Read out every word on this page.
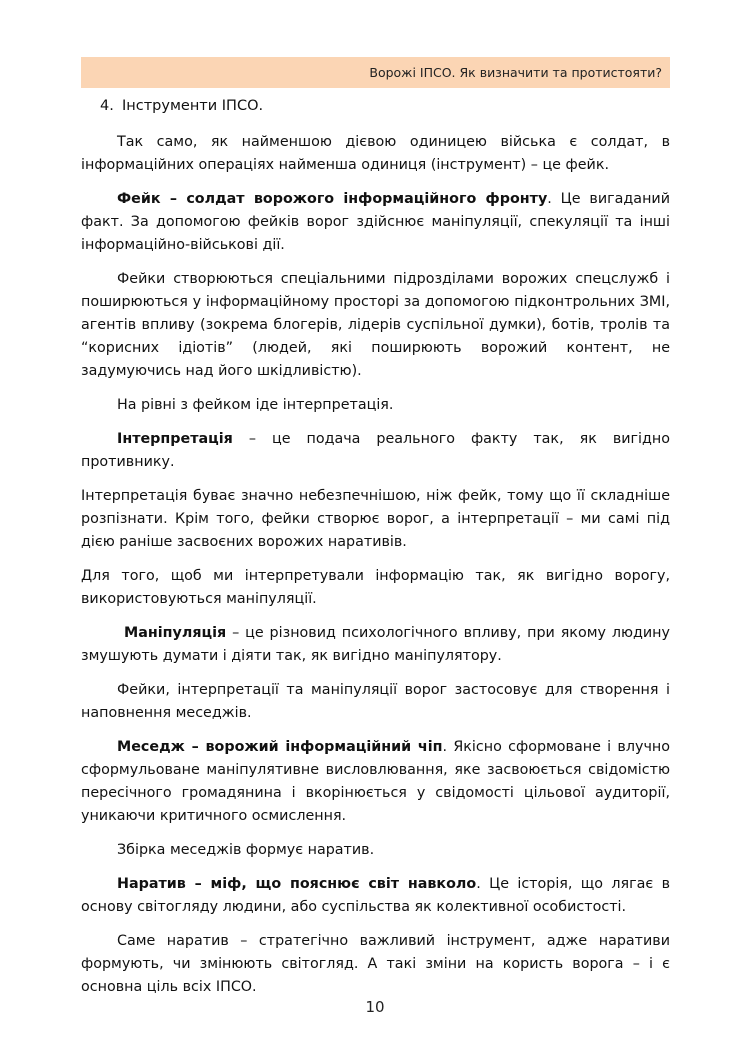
Ворожі ІПСО. Як визначити та протистояти?
4. Інструменти ІПСО.

Так само, як найменшою дієвою одиницею війська є солдат, в інформаційних операціях найменша одиниця (інструмент) – це фейк.

Фейк – солдат ворожого інформаційного фронту. Це вигаданий факт. За допомогою фейків ворог здійснює маніпуляції, спекуляції та інші інформаційно-військові дії.

Фейки створюються спеціальними підрозділами ворожих спецслужб і поширюються у інформаційному просторі за допомогою підконтрольних ЗМІ, агентів впливу (зокрема блогерів, лідерів суспільної думки), ботів, тролів та “корисних ідіотів” (людей, які поширюють ворожий контент, не задумуючись над його шкідливістю).

На рівні з фейком іде інтерпретація.

Інтерпретація – це подача реального факту так, як вигідно противнику.

Інтерпретація буває значно небезпечнішою, ніж фейк, тому що її складніше розпізнати. Крім того, фейки створює ворог, а інтерпретації – ми самі під дією раніше засвоєних ворожих наративів.

Для того, щоб ми інтерпретували інформацію так, як вигідно ворогу, використовуються маніпуляції.

Маніпуляція – це різновид психологічного впливу, при якому людину змушують думати і діяти так, як вигідно маніпулятору.

Фейки, інтерпретації та маніпуляції ворог застосовує для створення і наповнення меседжів.

Меседж – ворожий інформаційний чіп. Якісно сформоване і влучно сформульоване маніпулятивне висловлювання, яке засвоюється свідомістю пересічного громадянина і вкорінюється у свідомості цільової аудиторії, уникаючи критичного осмислення.

Збірка меседжів формує наратив.

Наратив – міф, що пояснює світ навколо. Це історія, що лягає в основу світогляду людини, або суспільства як колективної особистості.

Саме наратив – стратегічно важливий інструмент, адже наративи формують, чи змінюють світогляд. А такі зміни на користь ворога – і є основна ціль всіх ІПСО.

10
